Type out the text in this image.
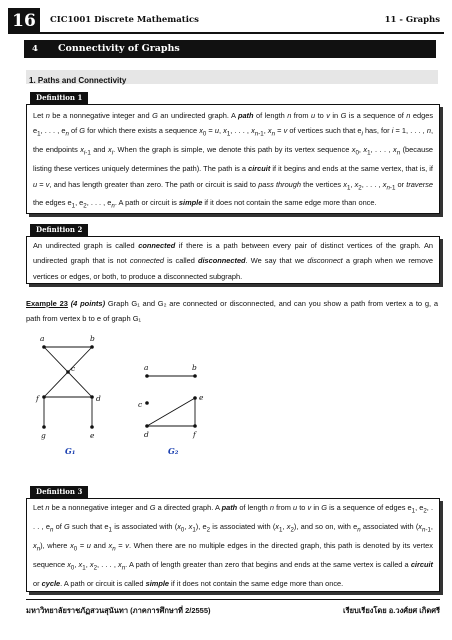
16	CIC1001 Discrete Mathematics	11 - Graphs
4	Connectivity of Graphs
1. Paths and Connectivity
Definition 1
Let n be a nonnegative integer and G an undirected graph. A path of length n from u to v in G is a sequence of n edges $e_1$, . . . , $e_n$ of G for which there exists a sequence $x_0 = u$, $x_1$, . . . , $x_{n-1}$, $x_n = v$ of vertices such that $e_i$ has, for i = 1, . . . , n, the endpoints $x_{i-1}$ and $x_i$. When the graph is simple, we denote this path by its vertex sequence $x_0$, $x_1$, . . . , $x_n$ (because listing these vertices uniquely determines the path). The path is a circuit if it begins and ends at the same vertex, that is, if u = v, and has length greater than zero. The path or circuit is said to pass through the vertices $x_1$, $x_2$, . . . , $x_{n-1}$ or traverse the edges $e_1$, $e_2$, . . . , $e_n$. A path or circuit is simple if it does not contain the same edge more than once.
Definition 2
An undirected graph is called connected if there is a path between every pair of distinct vertices of the graph. An undirected graph that is not connected is called disconnected. We say that we disconnect a graph when we remove vertices or edges, or both, to produce a disconnected subgraph.
Example 23 (4 points) Graph G₁ and G₂ are connected or disconnected, and can you show a path from vertex a to g, a path from vertex b to e of graph G₁
a	b
c
f	d
g	e
G₁
a	b
c
e
d	f
G₂
Definition 3
Let n be a nonnegative integer and G a directed graph. A path of length n from u to v in G is a sequence of edges $e_1$, $e_2$, . . . , $e_n$ of G such that $e_1$ is associated with ($x_0$, $x_1$), $e_2$ is associated with ($x_1$, $x_2$), and so on, with $e_n$ associated with ($x_{n-1}$, $x_n$), where $x_0 = u$ and $x_n = v$. When there are no multiple edges in the directed graph, this path is denoted by its vertex sequence $x_0$, $x_1$, $x_2$, . . . , $x_n$. A path of length greater than zero that begins and ends at the same vertex is called a circuit or cycle. A path or circuit is called simple if it does not contain the same edge more than once.
มหาวิทยาลัยราชภัฏสวนสุนันทา (ภาคการศึกษาที่ 2/2555)	เรียบเรียงโดย อ.วงศ์ยศ เกิดศรี
